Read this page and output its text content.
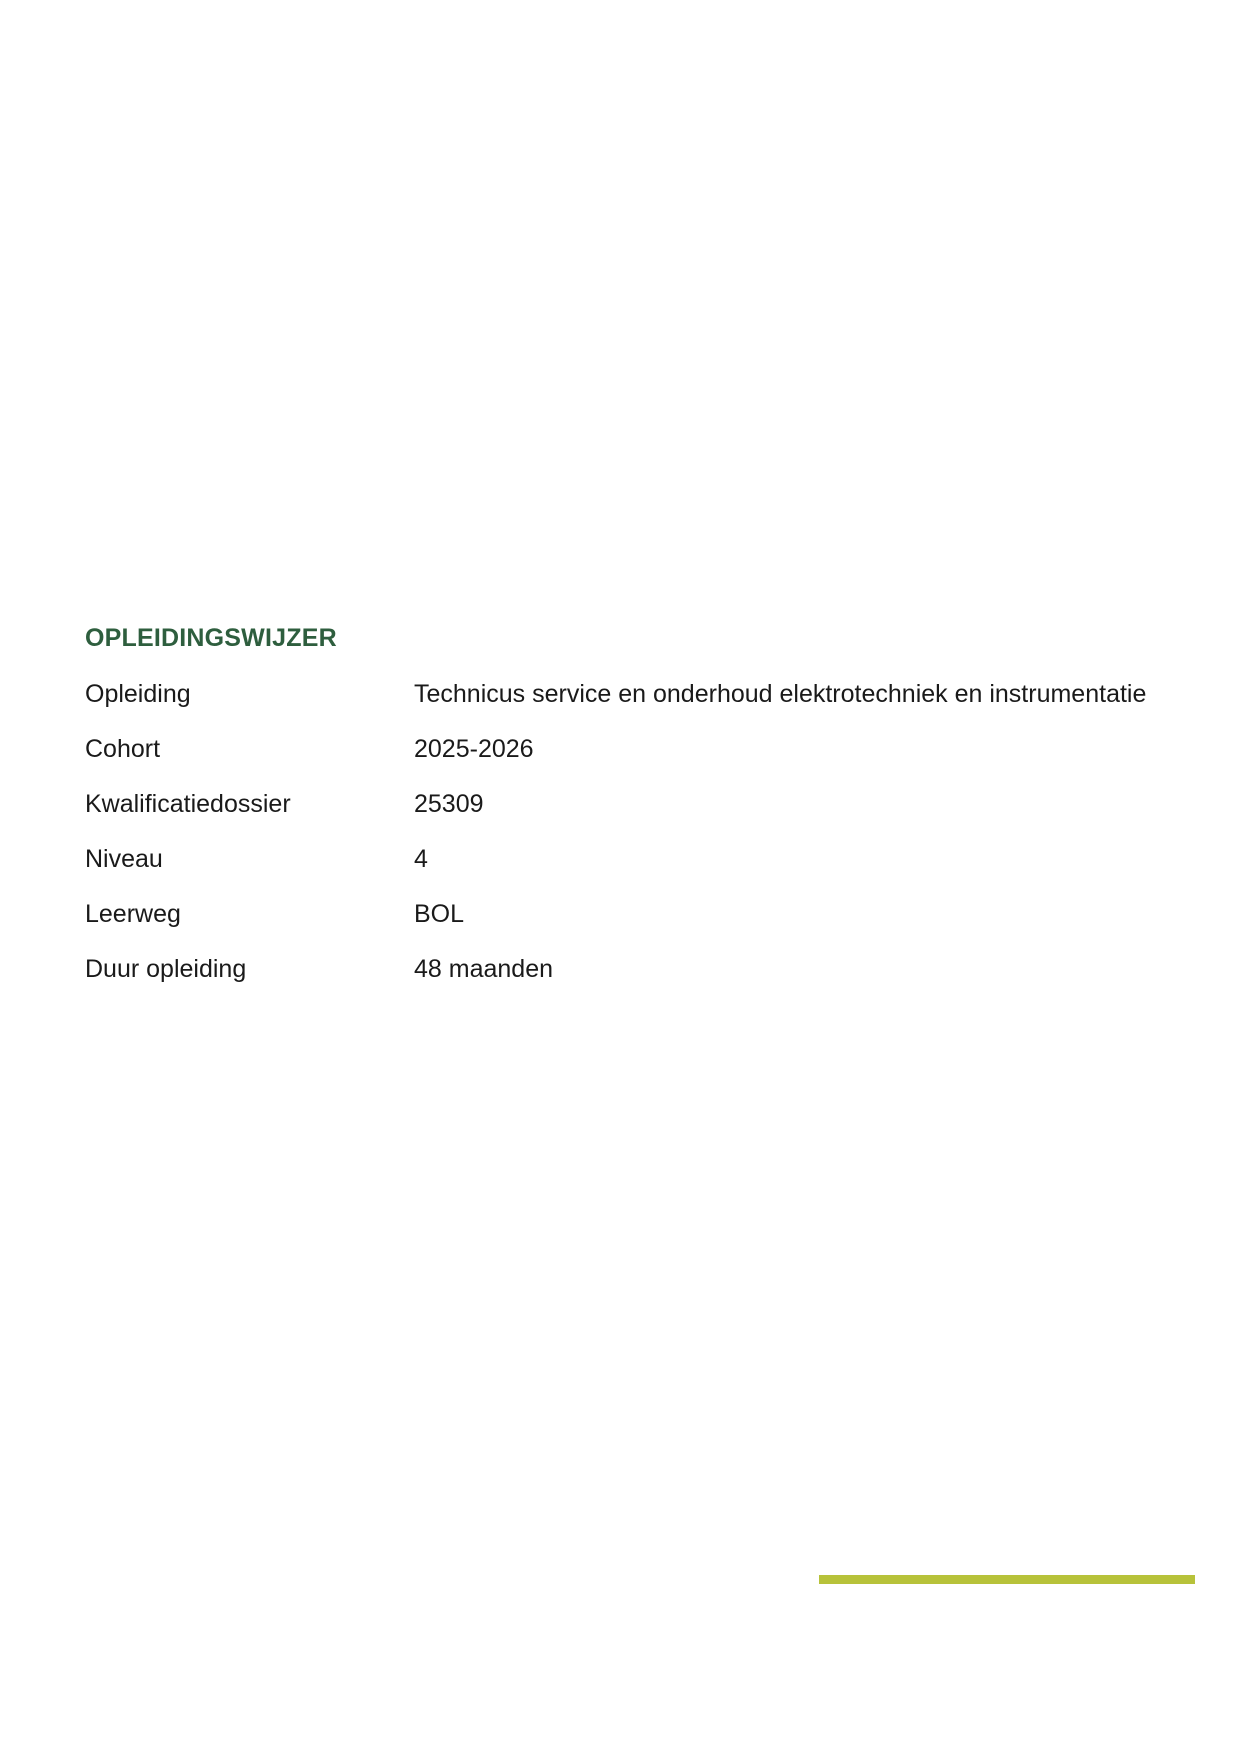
OPLEIDINGSWIJZER
Opleiding	Technicus service en onderhoud elektrotechniek en instrumentatie
Cohort	2025-2026
Kwalificatiedossier	25309
Niveau	4
Leerweg	BOL
Duur opleiding	48 maanden
